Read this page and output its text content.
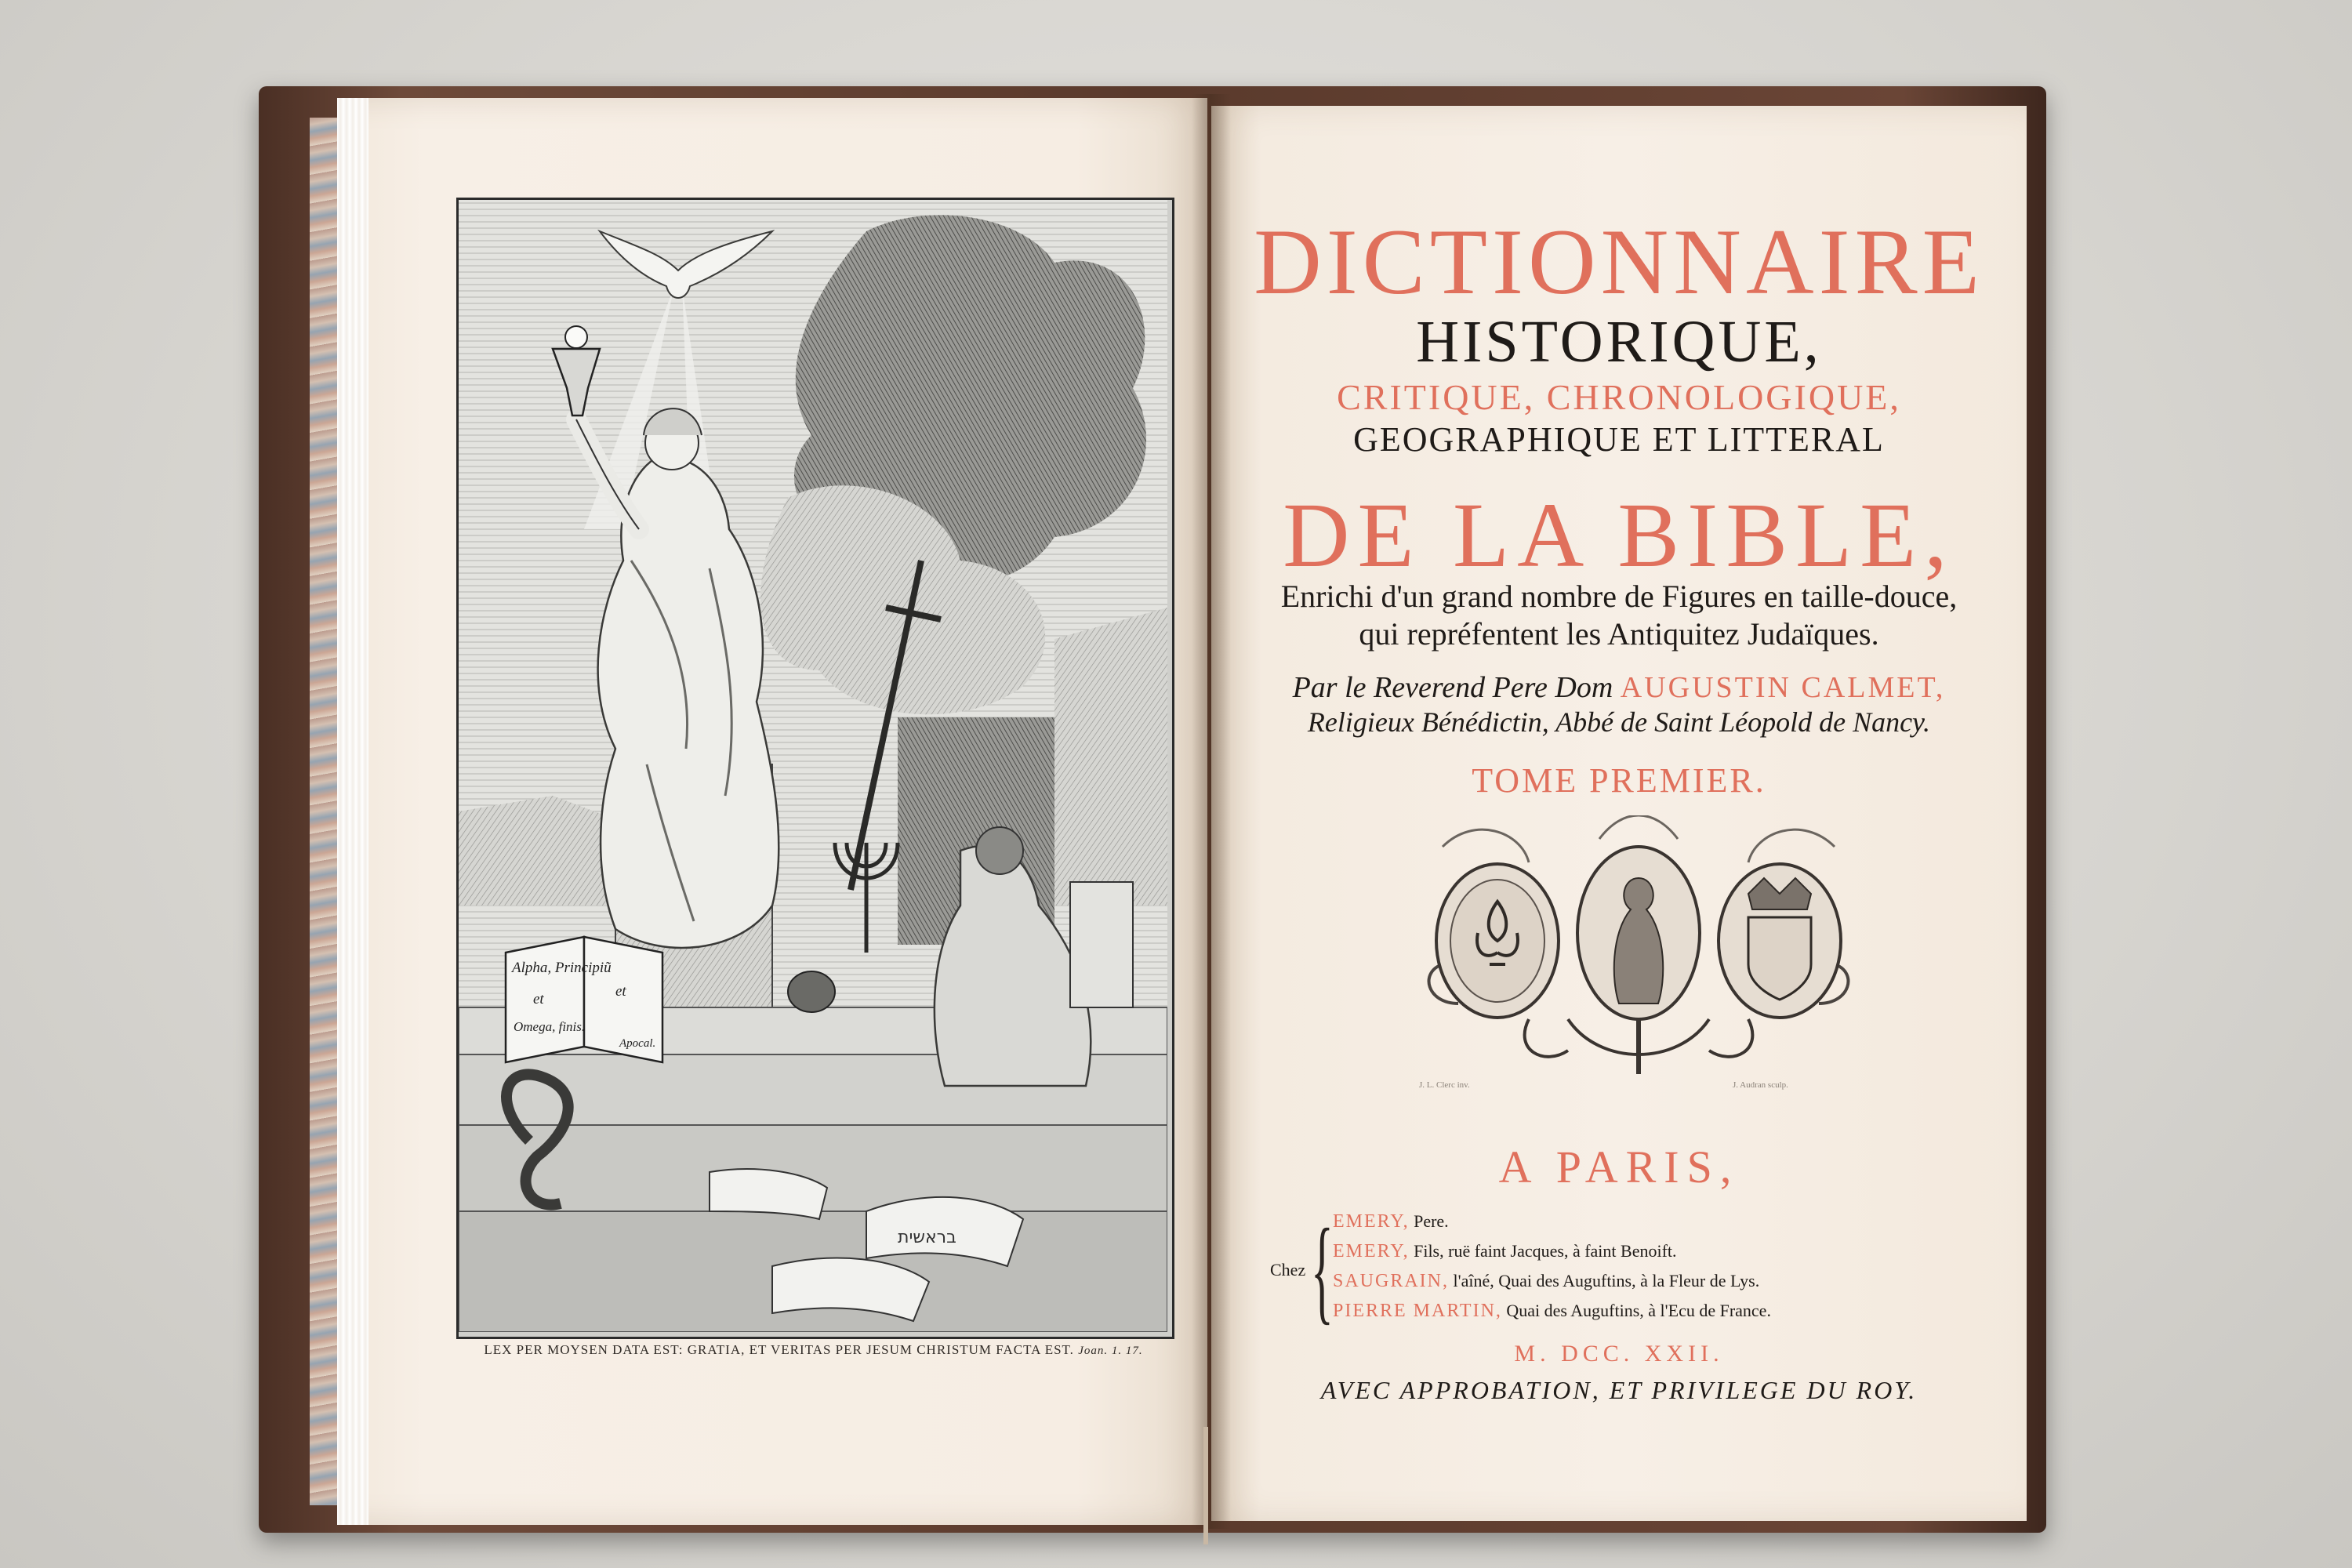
Alpha, Principiũ
et	et
Omega, finis.
Apocal.
בראשית
LEX PER MOYSEN DATA EST: GRATIA, ET VERITAS PER JESUM CHRISTUM FACTA EST. Joan. 1. 17.
DICTIONNAIRE
HISTORIQUE,
CRITIQUE, CHRONOLOGIQUE,
GEOGRAPHIQUE ET LITTERAL
DE LA BIBLE,
Enrichi d'un grand nombre de Figures en taille-douce,
qui repréfentent les Antiquitez Judaïques.
Par le Reverend Pere Dom AUGUSTIN CALMET,
Religieux Bénédictin, Abbé de Saint Léopold de Nancy.
TOME PREMIER.
A PARIS,
J. L. Clerc inv.	J. Audran sculp.
Chez { EMERY, Pere.
EMERY, Fils, ruë faint Jacques, à faint Benoift.
SAUGRAIN, l'aîné, Quai des Auguftins, à la Fleur de Lys.
PIERRE MARTIN, Quai des Auguftins, à l'Ecu de France.
M. DCC. XXII.
AVEC APPROBATION, ET PRIVILEGE DU ROY.
